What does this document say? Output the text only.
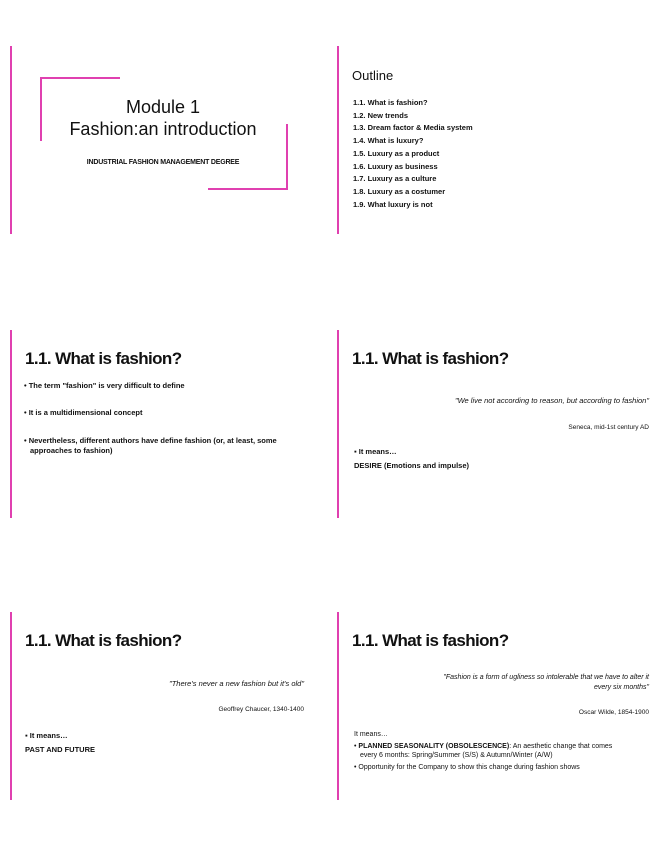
Module 1
Fashion:an introduction
INDUSTRIAL FASHION MANAGEMENT DEGREE
Outline
1.1. What is fashion?
1.2. New trends
1.3. Dream factor & Media system
1.4. What is luxury?
1.5. Luxury as a product
1.6. Luxury as business
1.7. Luxury as a culture
1.8. Luxury as a costumer
1.9. What luxury is not
1.1. What is fashion?
• The term "fashion" is very difficult to define
• It is a multidimensional concept
• Nevertheless, different authors have define fashion (or, at least, some
approaches to fashion)
1.1. What is fashion?
"We live not according to reason, but according to fashion"
Seneca, mid-1st century AD
▪ It means…
DESIRE (Emotions and impulse)
1.1. What is fashion?
"There's never a new fashion but it's old"
Geoffrey Chaucer, 1340-1400
▪ It means…
PAST AND FUTURE
1.1. What is fashion?
"Fashion is a form of ugliness so intolerable that we have to alter it
every six months"
Oscar Wilde, 1854-1900
It means…
• PLANNED SEASONALITY (OBSOLESCENCE): An aesthetic change that comes
every 6 months: Spring/Summer (S/S) & Autumn/Winter (A/W)
• Opportunity for the Company to show this change during fashion shows
